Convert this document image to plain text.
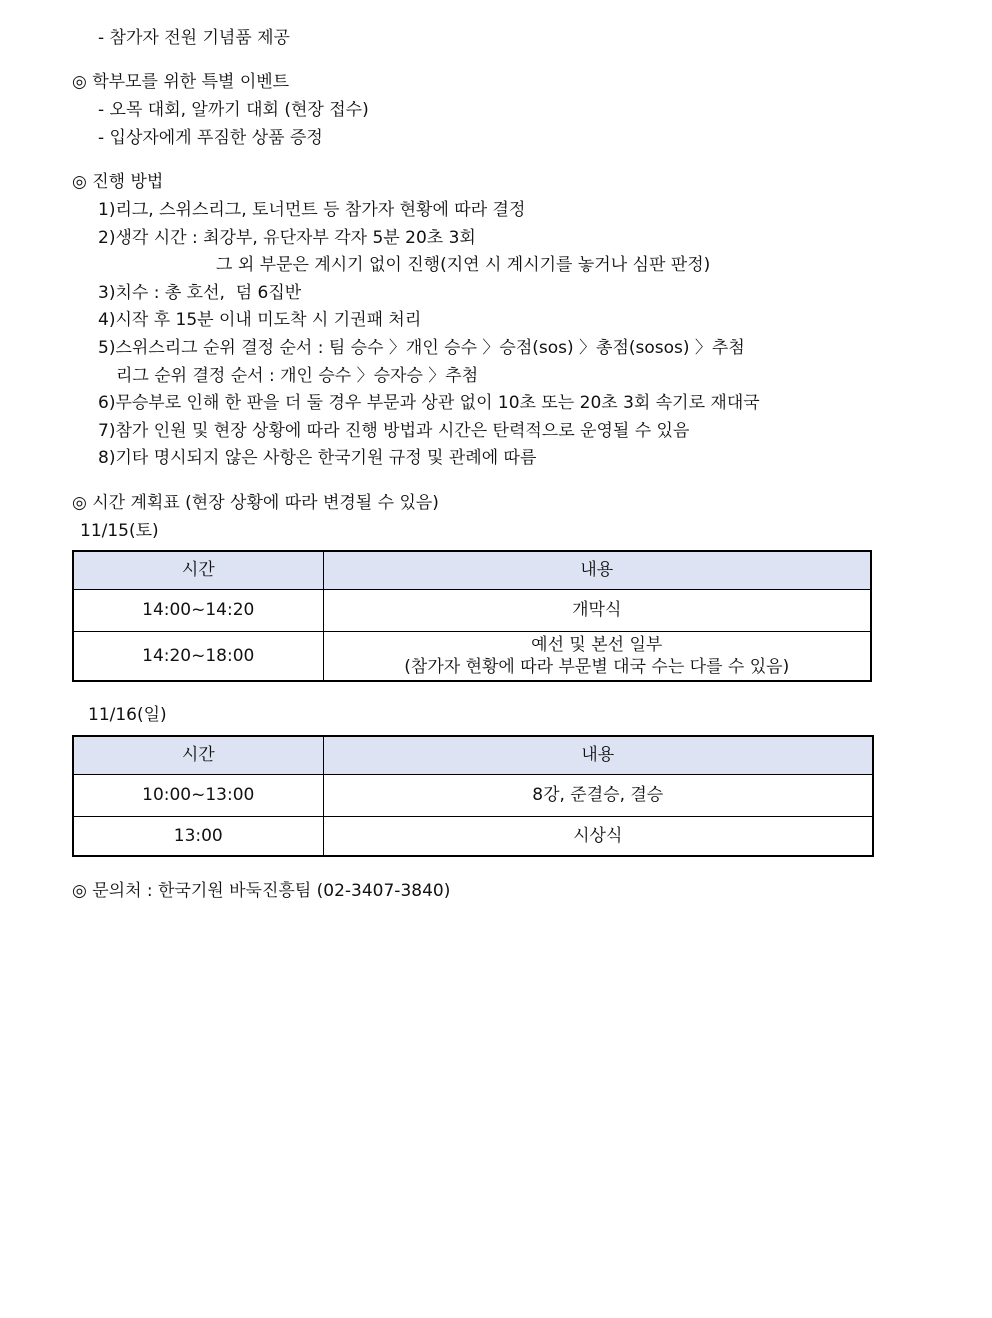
- 참가자 전원 기념품 제공
◎ 학부모를 위한 특별 이벤트
- 오목 대회, 알까기 대회 (현장 접수)
- 입상자에게 푸짐한 상품 증정
◎ 진행 방법
1)리그, 스위스리그, 토너먼트 등 참가자 현황에 따라 결정
2)생각 시간 : 최강부, 유단자부 각자 5분 20초 3회
그 외 부문은 계시기 없이 진행(지연 시 계시기를 놓거나 심판 판정)
3)치수 : 총 호선,  덤 6집반
4)시작 후 15분 이내 미도착 시 기권패 처리
5)스위스리그 순위 결정 순서 : 팀 승수 〉개인 승수 〉승점(sos) 〉총점(sosos) 〉추첨
리그 순위 결정 순서 : 개인 승수 〉승자승 〉추첨
6)무승부로 인해 한 판을 더 둘 경우 부문과 상관 없이 10초 또는 20초 3회 속기로 재대국
7)참가 인원 및 현장 상황에 따라 진행 방법과 시간은 탄력적으로 운영될 수 있음
8)기타 명시되지 않은 사항은 한국기원 규정 및 관례에 따름
◎ 시간 계획표 (현장 상황에 따라 변경될 수 있음)
11/15(토)
시간	내용
14:00~14:20	개막식
14:20~18:00	예선 및 본선 일부
(참가자 현황에 따라 부문별 대국 수는 다를 수 있음)
11/16(일)
시간	내용
10:00~13:00	8강, 준결승, 결승
13:00	시상식
◎ 문의처 : 한국기원 바둑진흥팀 (02-3407-3840)
